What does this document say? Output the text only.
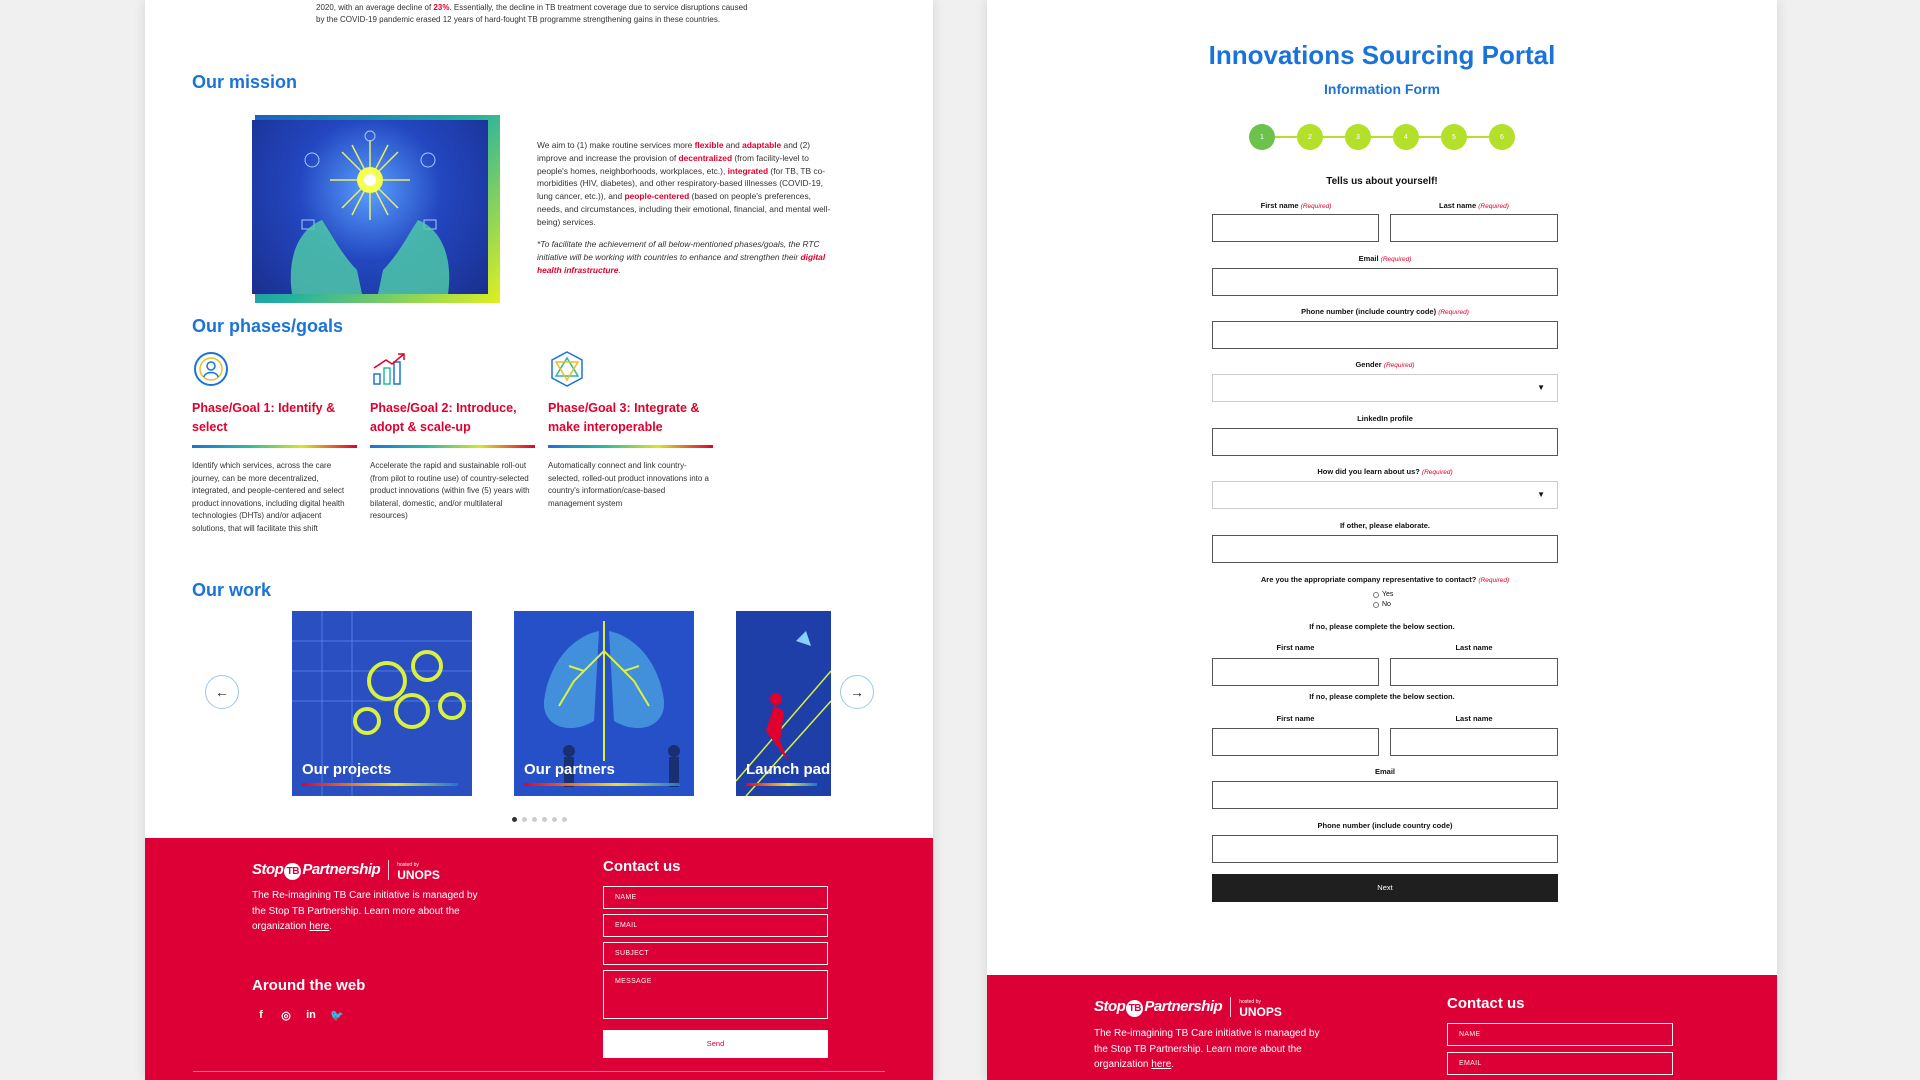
2020, with an average decline of 23%. Essentially, the decline in TB treatment coverage due to service disruptions caused by the COVID-19 pandemic erased 12 years of hard-fought TB programme strengthening gains in these countries.
Our mission
We aim to (1) make routine services more flexible and adaptable and (2) improve and increase the provision of decentralized (from facility-level to people's homes, neighborhoods, workplaces, etc.), integrated (for TB, TB co-morbidities (HIV, diabetes), and other respiratory-based illnesses (COVID-19, lung cancer, etc.)), and people-centered (based on people's preferences, needs, and circumstances, including their emotional, financial, and mental well-being) services.
*To facilitate the achievement of all below-mentioned phases/goals, the RTC initiative will be working with countries to enhance and strengthen their digital health infrastructure.
Our phases/goals
Phase/Goal 1: Identify & select
Identify which services, across the care journey, can be more decentralized, integrated, and people-centered and select product innovations, including digital health technologies (DHTs) and/or adjacent solutions, that will facilitate this shift
Phase/Goal 2: Introduce, adopt & scale-up
Accelerate the rapid and sustainable roll-out (from pilot to routine use) of country-selected product innovations (within five (5) years with bilateral, domestic, and/or multilateral resources)
Phase/Goal 3: Integrate & make interoperable
Automatically connect and link country-selected, rolled-out product innovations into a country's information/case-based management system
Our work
←
Our projects	Our partners	Launch pad
→
Stop TB Partnership	hosted by
UNOPS
The Re-imagining TB Care initiative is managed by the Stop TB Partnership. Learn more about the organization here.
Around the web
f	◎ in 🐦
Contact us
NAME
EMAIL
SUBJECT
MESSAGE
Send
Innovations Sourcing Portal
Information Form
1	2	3	4	5	6
Tells us about yourself!
First name (Required)	Last name (Required)
Email (Required)
Phone number (include country code) (Required)
Gender (Required)
▼
LinkedIn profile
How did you learn about us? (Required)
▼
If other, please elaborate.
Are you the appropriate company representative to contact? (Required)
Yes
No
If no, please complete the below section.
First name	Last name
If no, please complete the below section.
First name	Last name
Email
Phone number (include country code)
Next
Stop TB Partnership	hosted by
UNOPS
The Re-imagining TB Care initiative is managed by the Stop TB Partnership. Learn more about the organization here.
Contact us
NAME
EMAIL
